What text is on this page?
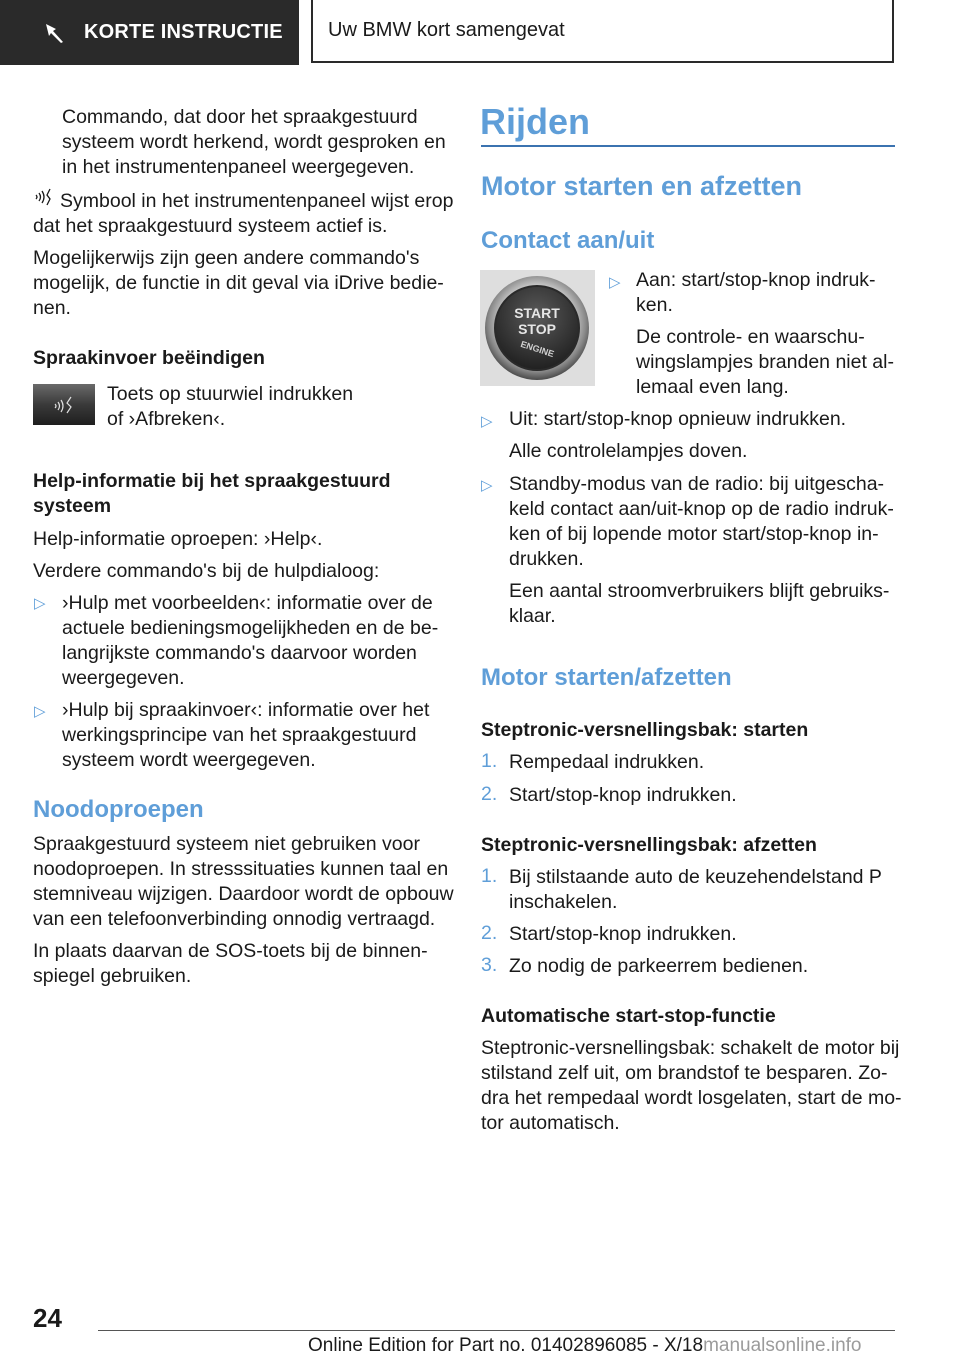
KORTE INSTRUCTIE Uw BMW kort samengevat

Commando, dat door het spraakgestuurd

systeem wordt herkend, wordt gesproken en

in het instrumentenpaneel weergegeven.

Symbool in het instrumentenpaneel wijst erop

dat het spraakgestuurd systeem actief is.

Mogelijkerwijs zijn geen andere commando's

mogelijk, de functie in dit geval via iDrive bedie-

nen.

Spraakinvoer beëindigen

Toets op stuurwiel indrukken

of ›Afbreken‹.

Help-informatie bij het spraakgestuurd
systeem

Help-informatie oproepen: ›Help‹.

Verdere commando's bij de hulpdialoog:

▷ ›Hulp met voorbeelden‹: informatie over de

actuele bedieningsmogelijkheden en de be-

langrijkste commando's daarvoor worden

weergegeven.

▷ ›Hulp bij spraakinvoer‹: informatie over het

werkingsprincipe van het spraakgestuurd

systeem wordt weergegeven.

Noodoproepen

Spraakgestuurd systeem niet gebruiken voor

noodoproepen. In stresssituaties kunnen taal en

stemniveau wijzigen. Daardoor wordt de opbouw

van een telefoonverbinding onnodig vertraagd.

In plaats daarvan de SOS-toets bij de binnen-

spiegel gebruiken.

Rijden
Motor starten en afzetten
Contact aan/uit
START
STOP
ENGINE
▷ Aan: start/stop-knop indruk-

ken.

De controle- en waarschu-

wingslampjes branden niet al-

lemaal even lang.

▷ Uit: start/stop-knop opnieuw indrukken.

Alle controlelampjes doven.

▷ Standby-modus van de radio: bij uitgescha-

keld contact aan/uit-knop op de radio indruk-

ken of bij lopende motor start/stop-knop in-

drukken.

Een aantal stroomverbruikers blijft gebruiks-

klaar.

Motor starten/afzetten
Steptronic-versnellingsbak: starten
1. Rempedaal indrukken.

2. Start/stop-knop indrukken.

Steptronic-versnellingsbak: afzetten
1. Bij stilstaande auto de keuzehendelstand P

inschakelen.

2. Start/stop-knop indrukken.

3. Zo nodig de parkeerrem bedienen.

Automatische start-stop-functie

Steptronic-versnellingsbak: schakelt de motor bij

stilstand zelf uit, om brandstof te besparen. Zo-

dra het rempedaal wordt losgelaten, start de mo-

tor automatisch.

24
Online Edition for Part no. 01402896085 - X/18manualsonline.info
